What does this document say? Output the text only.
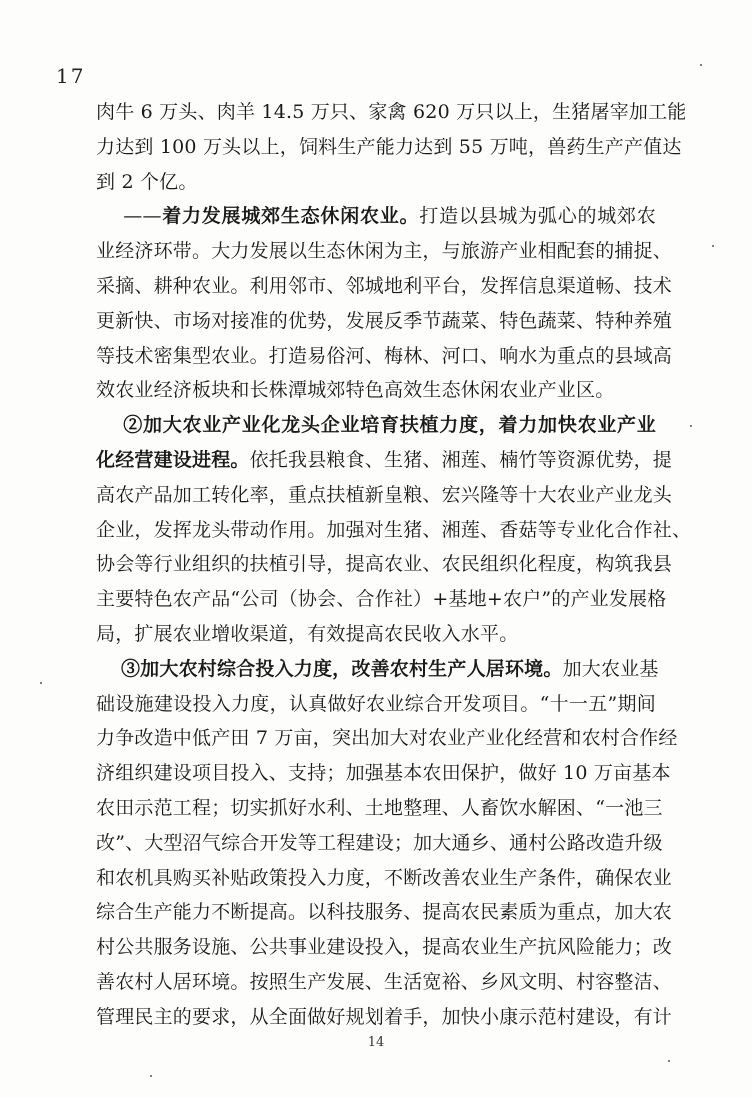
17
肉牛 6 万头、肉羊 14.5 万只、家禽 620 万只以上，生猪屠宰加工能
力达到 100 万头以上，饲料生产能力达到 55 万吨，兽药生产产值达
到 2 个亿。
——着力发展城郊生态休闲农业。打造以县城为弧心的城郊农
业经济环带。大力发展以生态休闲为主，与旅游产业相配套的捕捉、
采摘、耕种农业。利用邻市、邻城地利平台，发挥信息渠道畅、技术
更新快、市场对接准的优势，发展反季节蔬菜、特色蔬菜、特种养殖
等技术密集型农业。打造易俗河、梅林、河口、响水为重点的县域高
效农业经济板块和长株潭城郊特色高效生态休闲农业产业区。
②加大农业产业化龙头企业培育扶植力度，着力加快农业产业
化经营建设进程。依托我县粮食、生猪、湘莲、楠竹等资源优势，提
高农产品加工转化率，重点扶植新皇粮、宏兴隆等十大农业产业龙头
企业，发挥龙头带动作用。加强对生猪、湘莲、香菇等专业化合作社、
协会等行业组织的扶植引导，提高农业、农民组织化程度，构筑我县
主要特色农产品“公司（协会、合作社）+基地+农户”的产业发展格
局，扩展农业增收渠道，有效提高农民收入水平。
③加大农村综合投入力度，改善农村生产人居环境。加大农业基
础设施建设投入力度，认真做好农业综合开发项目。“十一五”期间
力争改造中低产田 7 万亩，突出加大对农业产业化经营和农村合作经
济组织建设项目投入、支持；加强基本农田保护，做好 10 万亩基本
农田示范工程；切实抓好水利、土地整理、人畜饮水解困、“一池三
改”、大型沼气综合开发等工程建设；加大通乡、通村公路改造升级
和农机具购买补贴政策投入力度，不断改善农业生产条件，确保农业
综合生产能力不断提高。以科技服务、提高农民素质为重点，加大农
村公共服务设施、公共事业建设投入，提高农业生产抗风险能力；改
善农村人居环境。按照生产发展、生活宽裕、乡风文明、村容整洁、
管理民主的要求，从全面做好规划着手，加快小康示范村建设，有计
14
